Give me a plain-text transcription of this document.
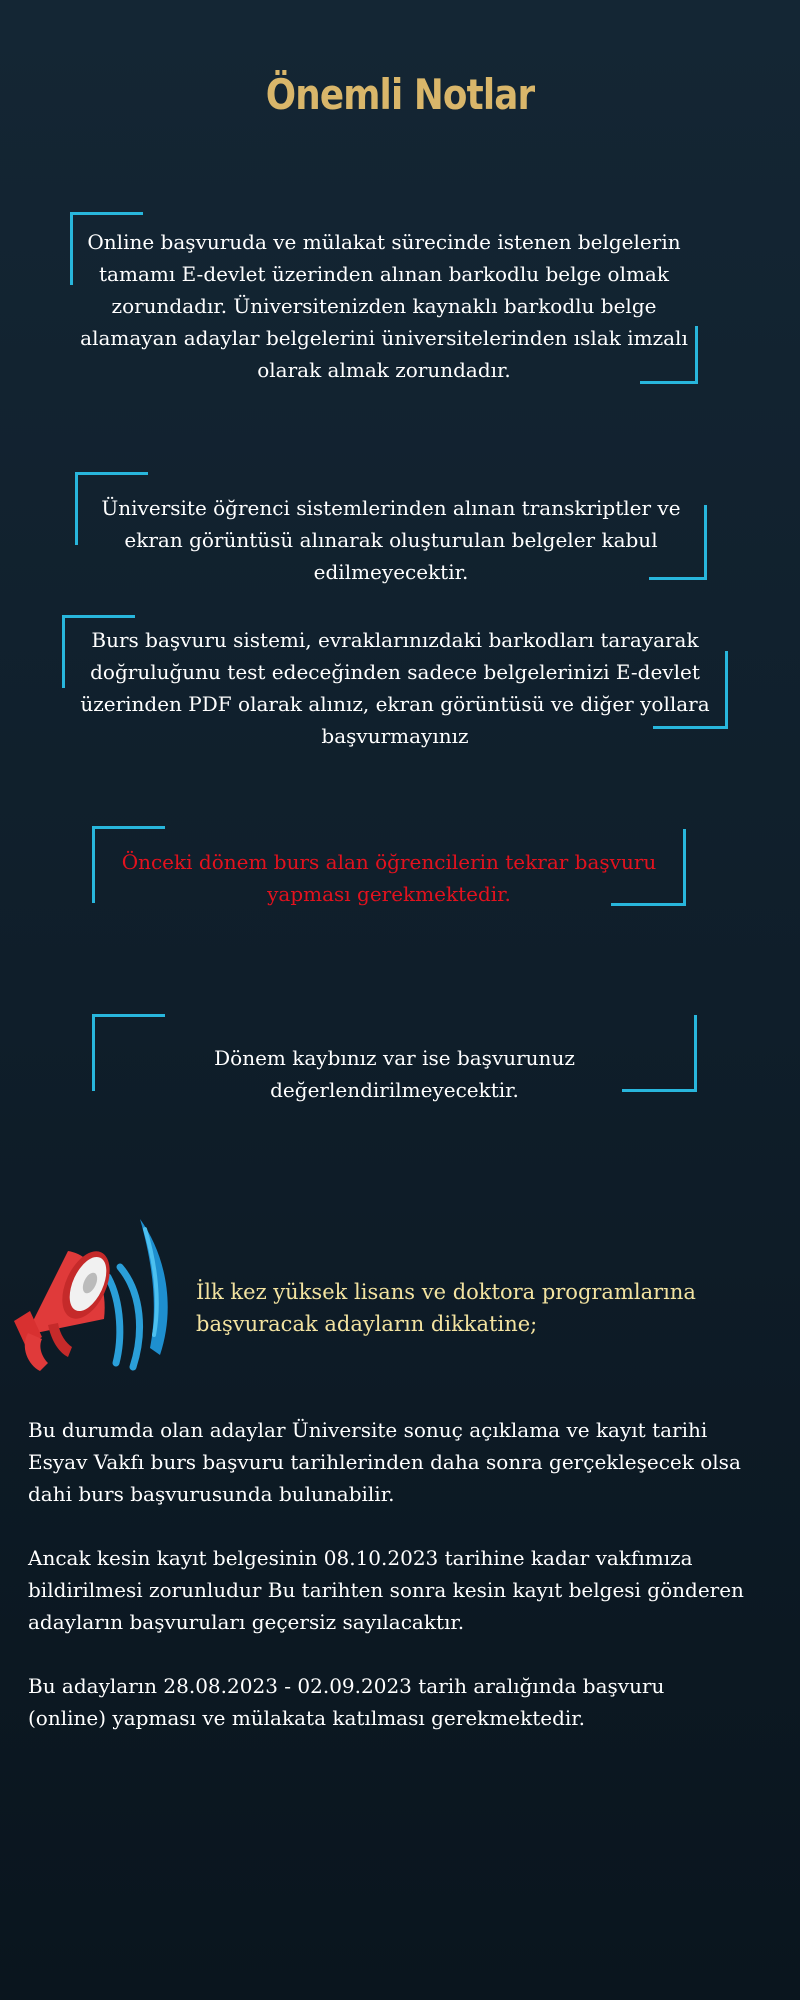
Önemli Notlar

Online başvuruda ve mülakat sürecinde istenen belgelerin tamamı E-devlet üzerinden alınan barkodlu belge olmak zorundadır. Üniversitenizden kaynaklı barkodlu belge alamayan adaylar belgelerini üniversitelerinden ıslak imzalı olarak almak zorundadır.

Üniversite öğrenci sistemlerinden alınan transkriptler ve ekran görüntüsü alınarak oluşturulan belgeler kabul edilmeyecektir.

Burs başvuru sistemi, evraklarınızdaki barkodları tarayarak doğruluğunu test edeceğinden sadece belgelerinizi E-devlet üzerinden PDF olarak alınız, ekran görüntüsü ve diğer yollara başvurmayınız

Önceki dönem burs alan öğrencilerin tekrar başvuru yapması gerekmektedir.

Dönem kaybınız var ise başvurunuz değerlendirilmeyecektir.

İlk kez yüksek lisans ve doktora programlarına başvuracak adayların dikkatine;

Bu durumda olan adaylar Üniversite sonuç açıklama ve kayıt tarihi Esyav Vakfı burs başvuru tarihlerinden daha sonra gerçekleşecek olsa dahi burs başvurusunda bulunabilir.

Ancak kesin kayıt belgesinin 08.10.2023 tarihine kadar vakfımıza bildirilmesi zorunludur Bu tarihten sonra kesin kayıt belgesi gönderen adayların başvuruları geçersiz sayılacaktır.

Bu adayların 28.08.2023 - 02.09.2023 tarih aralığında başvuru (online) yapması ve mülakata katılması gerekmektedir.
